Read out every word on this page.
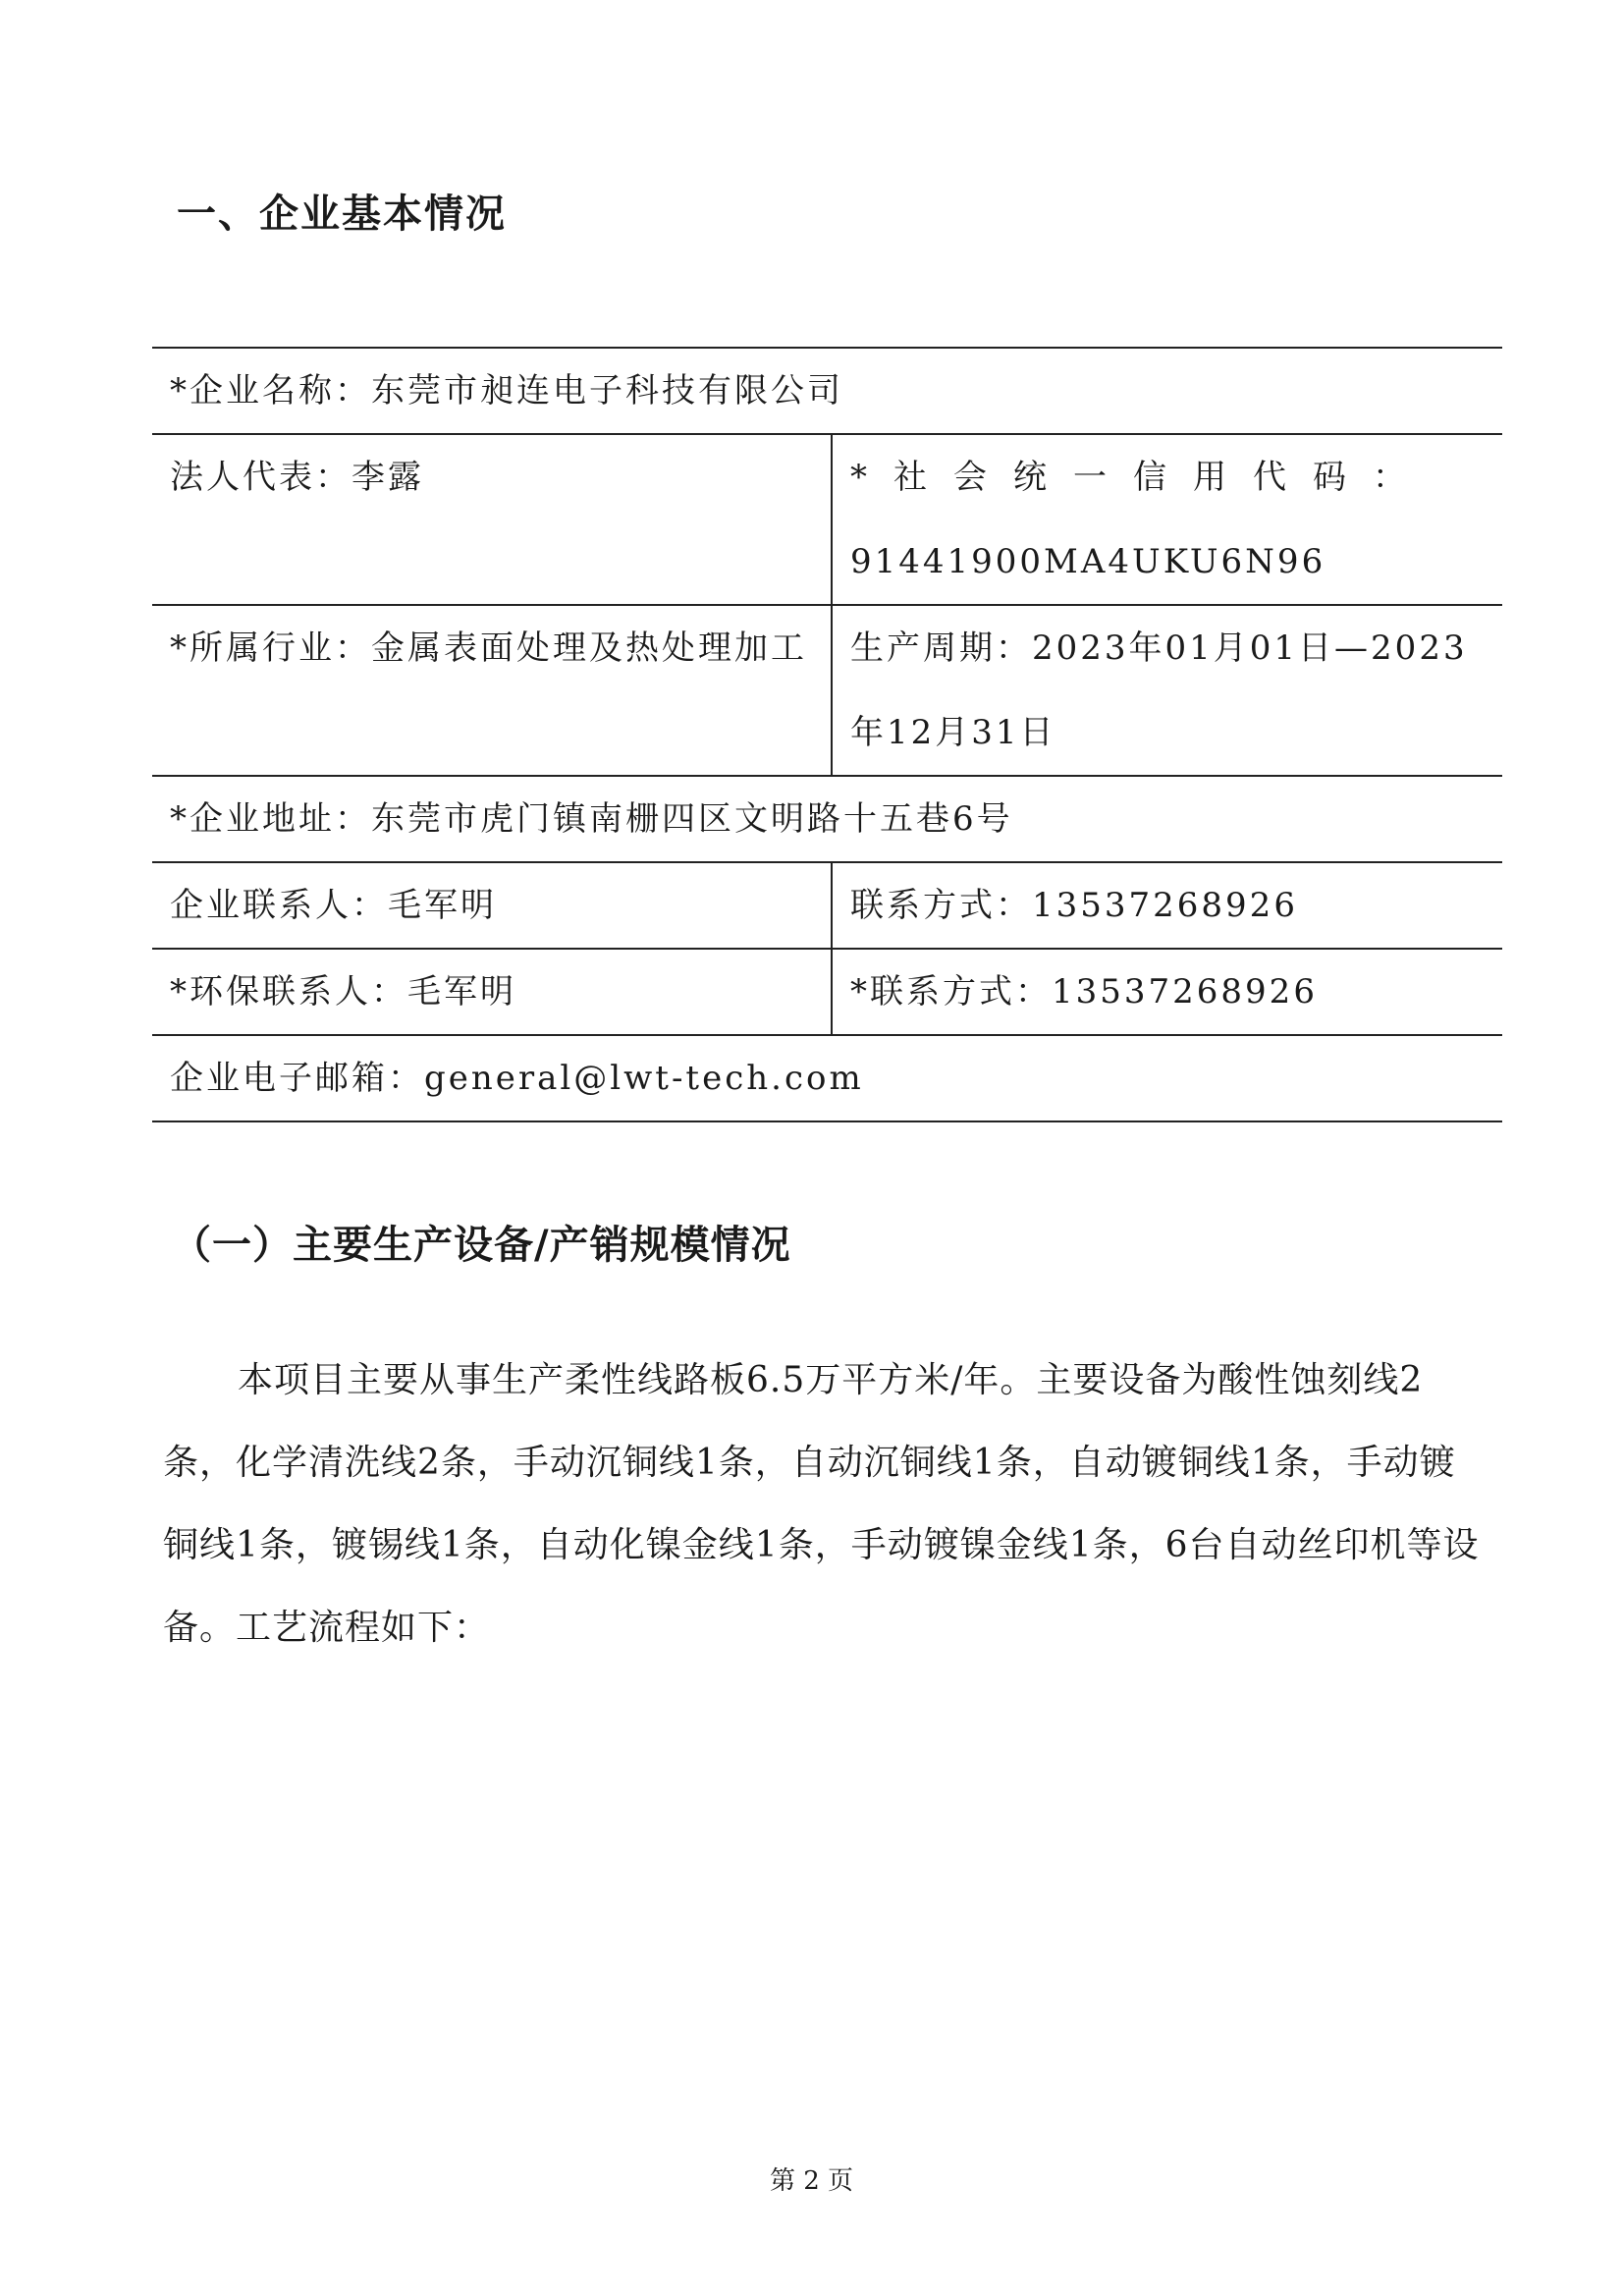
一、企业基本情况
*企业名称：东莞市昶连电子科技有限公司	
法人代表：李露	*社会统一信用代码：
91441900MA4UKU6N96
*所属行业：金属表面处理及热处理加工	生产周期：2023年01月01日—2023年12月31日
*企业地址：东莞市虎门镇南栅四区文明路十五巷6号	
企业联系人：毛军明	联系方式：13537268926
*环保联系人：毛军明	*联系方式：13537268926
企业电子邮箱：general@lwt-tech.com	
（一）主要生产设备/产销规模情况

本项目主要从事生产柔性线路板6.5万平方米/年。主要设备为酸性蚀刻线2条，化学清洗线2条，手动沉铜线1条，自动沉铜线1条，自动镀铜线1条，手动镀铜线1条，镀锡线1条，自动化镍金线1条，手动镀镍金线1条，6台自动丝印机等设备。工艺流程如下：

第 2 页
